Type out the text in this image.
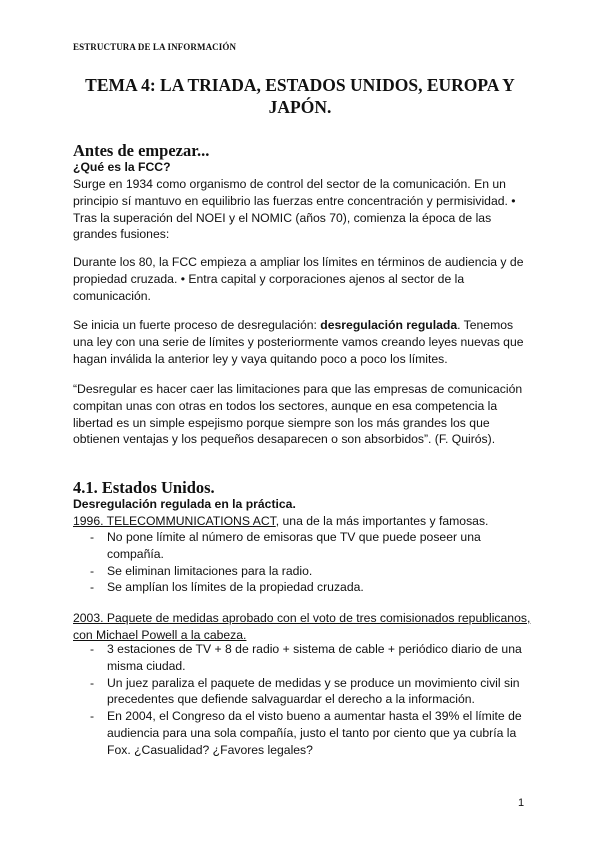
ESTRUCTURA DE LA INFORMACIÓN
TEMA 4: LA TRIADA, ESTADOS UNIDOS, EUROPA Y JAPÓN.
Antes de empezar...
¿Qué es la FCC?
Surge en 1934 como organismo de control del sector de la comunicación. En un principio sí mantuvo en equilibrio las fuerzas entre concentración y permisividad. • Tras la superación del NOEI y el NOMIC (años 70), comienza la época de las grandes fusiones:
Durante los 80, la FCC empieza a ampliar los límites en términos de audiencia y de propiedad cruzada. • Entra capital y corporaciones ajenos al sector de la comunicación.
Se inicia un fuerte proceso de desregulación: desregulación regulada. Tenemos una ley con una serie de límites y posteriormente vamos creando leyes nuevas que hagan inválida la anterior ley y vaya quitando poco a poco los límites.
“Desregular es hacer caer las limitaciones para que las empresas de comunicación compitan unas con otras en todos los sectores, aunque en esa competencia la libertad es un simple espejismo porque siempre son los más grandes los que obtienen ventajas y los pequeños desaparecen o son absorbidos”. (F. Quirós).
4.1. Estados Unidos.
Desregulación regulada en la práctica.
1996. TELECOMMUNICATIONS ACT, una de la más importantes y famosas.
- No pone límite al número de emisoras que TV que puede poseer una compañía.
- Se eliminan limitaciones para la radio.
- Se amplían los límites de la propiedad cruzada.
2003. Paquete de medidas aprobado con el voto de tres comisionados republicanos, con Michael Powell a la cabeza.
- 3 estaciones de TV + 8 de radio + sistema de cable + periódico diario de una misma ciudad.
- Un juez paraliza el paquete de medidas y se produce un movimiento civil sin precedentes que defiende salvaguardar el derecho a la información.
- En 2004, el Congreso da el visto bueno a aumentar hasta el 39% el límite de audiencia para una sola compañía, justo el tanto por ciento que ya cubría la Fox. ¿Casualidad? ¿Favores legales?
1
